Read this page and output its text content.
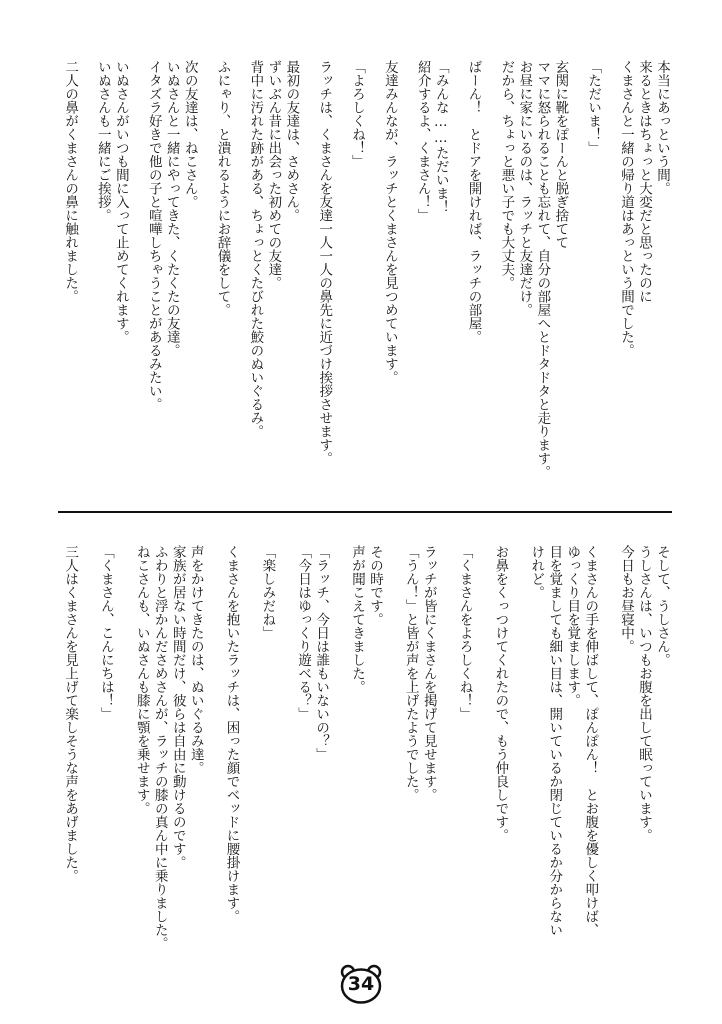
本当にあっという間。
来るときはちょっと大変だと思ったのに
くまさんと一緒の帰り道はあっという間でした。
「ただいま！」
玄関に靴をぽーんと脱ぎ捨てて
ママに怒られることも忘れて、自分の部屋へとドタドタと走ります。
お昼に家にいるのは、ラッチと友達だけ。
だから、ちょっと悪い子でも大丈夫。
ばーん！　とドアを開ければ、ラッチの部屋。
「みんな……ただいま！
紹介するよ、くまさん！」
友達みんなが、ラッチとくまさんを見つめています。
「よろしくね！」
ラッチは、くまさんを友達一人一人の鼻先に近づけ挨拶させます。
最初の友達は、さめさん。
ずいぶん昔に出会った初めての友達。
背中に汚れた跡がある、ちょっとくたびれた鮫のぬいぐるみ。
ふにゃり、と潰れるようにお辞儀をして。
次の友達は、ねこさん。
いぬさんと一緒にやってきた、くたくたの友達。
イタズラ好きで他の子と喧嘩しちゃうことがあるみたい。
いぬさんがいつも間に入って止めてくれます。
いぬさんも一緒にご挨拶。
二人の鼻がくまさんの鼻に触れました。
そして、うしさん。
うしさんは、いつもお腹を出して眠っています。
今日もお昼寝中。
くまさんの手を伸ばして、ぽんぽん！　とお腹を優しく叩けば、
ゆっくり目を覚まします。
目を覚ましても細い目は、開いているか閉じているか分からない
けれど。
お鼻をくっつけてくれたので、もう仲良しです。
「くまさんをよろしくね！」
ラッチが皆にくまさんを掲げて見せます。
「うん！」と皆が声を上げたようでした。
その時です。
声が聞こえてきました。
「ラッチ、今日は誰もいないの？」
「今日はゆっくり遊べる？」
「楽しみだね」
くまさんを抱いたラッチは、困った顔でベッドに腰掛けます。
声をかけてきたのは、ぬいぐるみ達。
家族が居ない時間だけ、彼らは自由に動けるのです。
ふわりと浮かんださめさんが、ラッチの膝の真ん中に乗りました。
ねこさんも、いぬさんも膝に顎を乗せます。
「くまさん、こんにちは！」
三人はくまさんを見上げて楽しそうな声をあげました。
34
